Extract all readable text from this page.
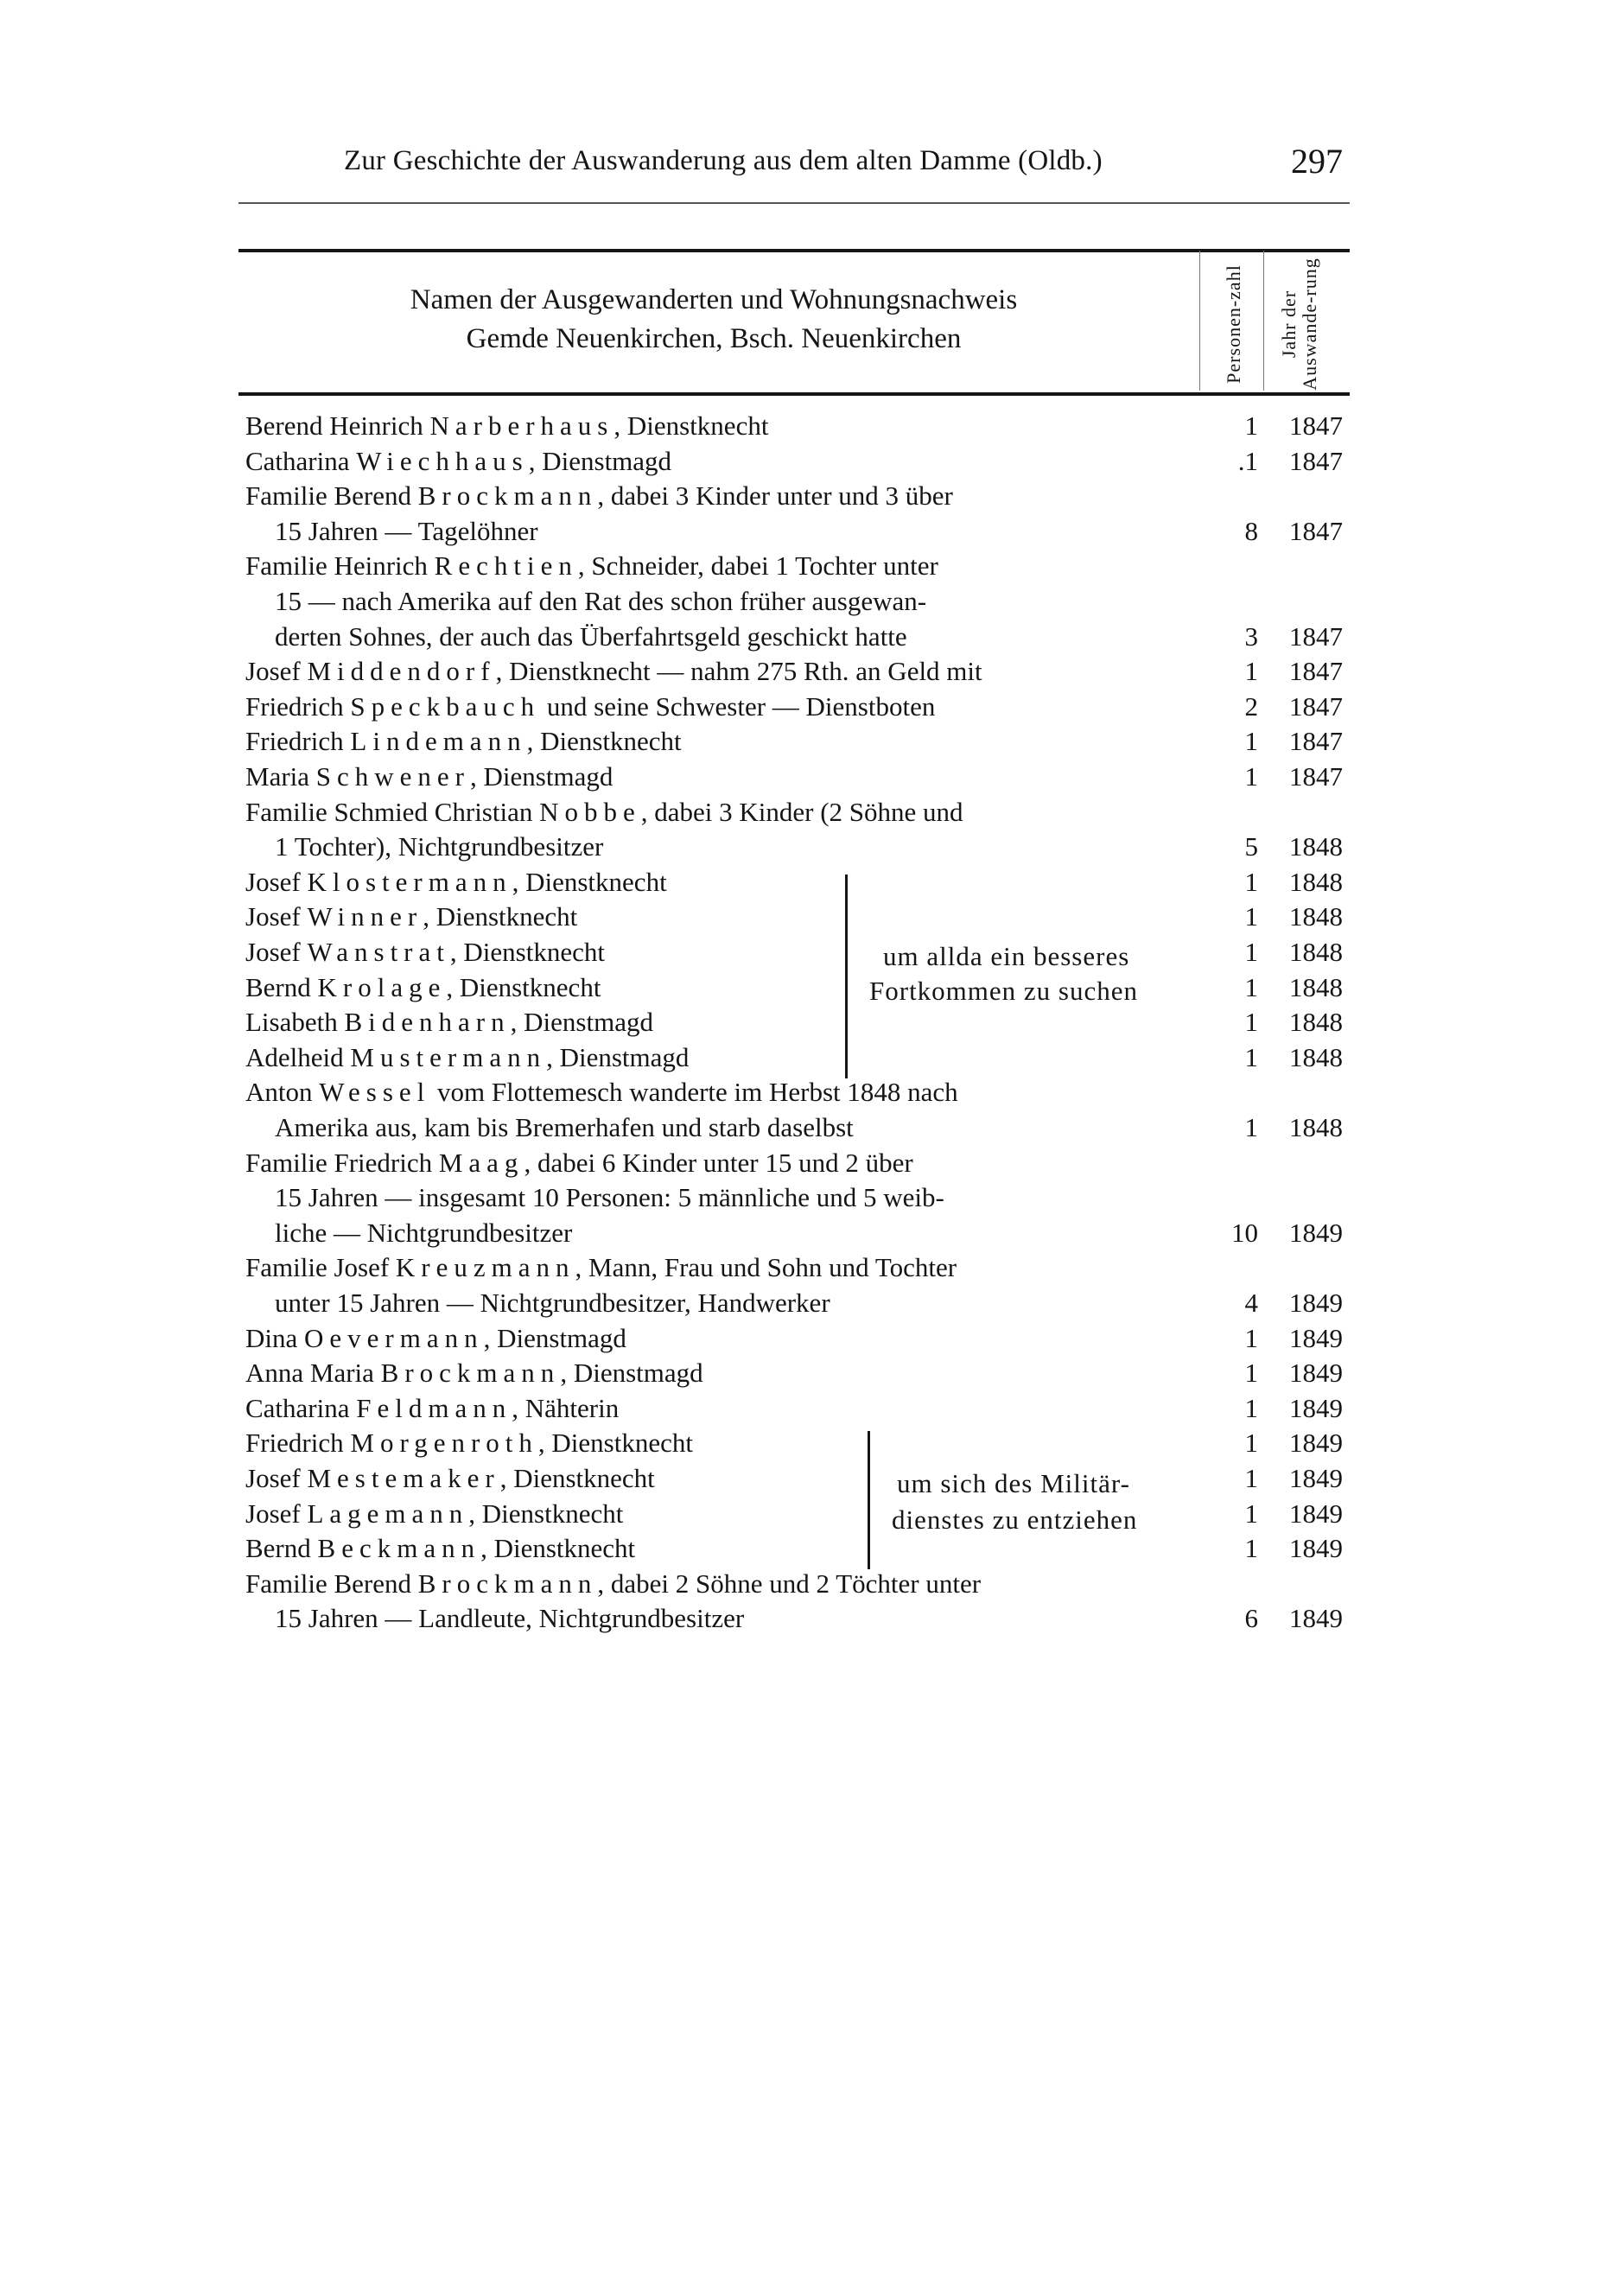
Zur Geschichte der Auswanderung aus dem alten Damme (Oldb.)	297
Namen der Ausgewanderten und Wohnungsnachweis
Gemde Neuenkirchen, Bsch. Neuenkirchen	Personen-zahl Jahr der Auswande-rung
Berend Heinrich Narberhaus, Dienstknecht	1 1847
Catharina Wiechhaus, Dienstmagd	.1 1847
Familie Berend Brockmann, dabei 3 Kinder unter und 3 über
15 Jahren — Tagelöhner	8 1847
Familie Heinrich Rechtien, Schneider, dabei 1 Tochter unter
15 — nach Amerika auf den Rat des schon früher ausgewan-
derten Sohnes, der auch das Überfahrtsgeld geschickt hatte	3 1847
Josef Middendorf, Dienstknecht — nahm 275 Rth. an Geld mit	1 1847
Friedrich Speckbauch und seine Schwester — Dienstboten	2 1847
Friedrich Lindemann, Dienstknecht	1 1847
Maria Schwener, Dienstmagd	1 1847
Familie Schmied Christian Nobbe, dabei 3 Kinder (2 Söhne und
1 Tochter), Nichtgrundbesitzer	5 1848
Josef Klostermann, Dienstknecht	1 1848
Josef Winner, Dienstknecht	1 1848
Josef Wanstrat, Dienstknecht	1 1848
Bernd Krolage, Dienstknecht	1 1848
Lisabeth Bidenharn, Dienstmagd	1 1848
Adelheid Mustermann, Dienstmagd	1 1848
Anton Wessel vom Flottemesch wanderte im Herbst 1848 nach
Amerika aus, kam bis Bremerhafen und starb daselbst	1 1848
Familie Friedrich Maag, dabei 6 Kinder unter 15 und 2 über
15 Jahren — insgesamt 10 Personen: 5 männliche und 5 weib-
liche — Nichtgrundbesitzer	10 1849
Familie Josef Kreuzmann, Mann, Frau und Sohn und Tochter
unter 15 Jahren — Nichtgrundbesitzer, Handwerker	4 1849
Dina Oevermann, Dienstmagd	1 1849
Anna Maria Brockmann, Dienstmagd	1 1849
Catharina Feldmann, Nähterin	1 1849
Friedrich Morgenroth, Dienstknecht	1 1849
Josef Mestemaker, Dienstknecht	1 1849
Josef Lagemann, Dienstknecht	1 1849
Bernd Beckmann, Dienstknecht	1 1849
Familie Berend Brockmann, dabei 2 Söhne und 2 Töchter unter
15 Jahren — Landleute, Nichtgrundbesitzer	6 1849
um allda ein besseres
Fortkommen zu suchen
um sich des Militär-
dienstes zu entziehen
